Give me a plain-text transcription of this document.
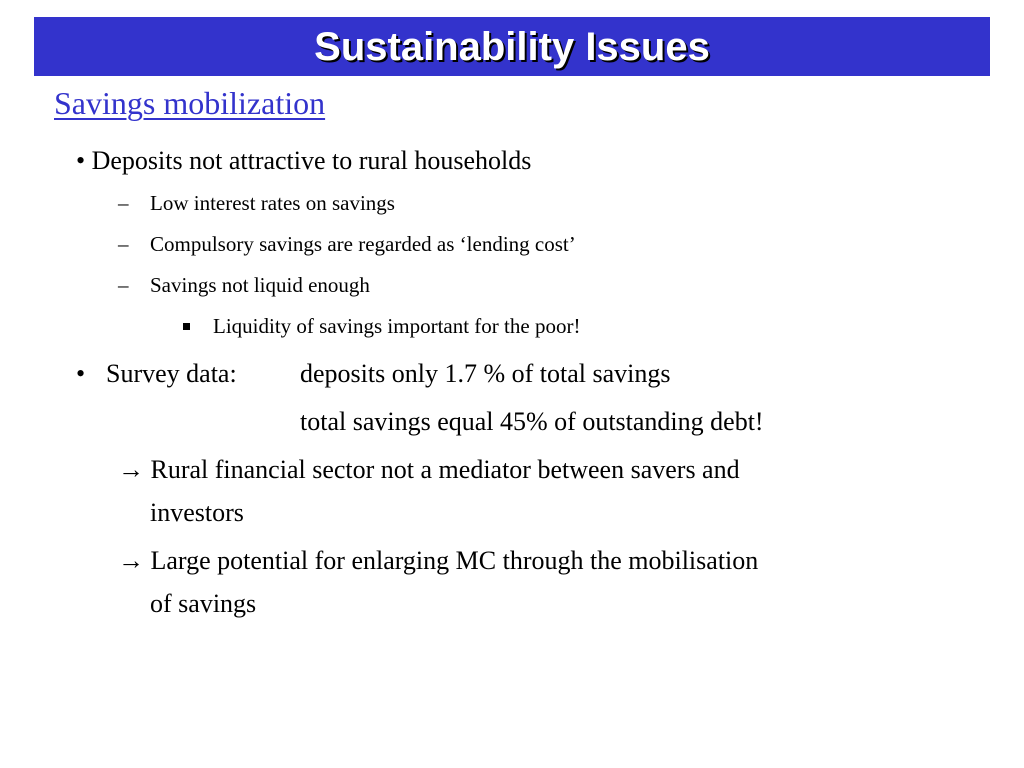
Sustainability Issues
Savings mobilization
• Deposits not attractive to rural households
– Low interest rates on savings
– Compulsory savings are regarded as ‘lending cost’
– Savings not liquid enough
Liquidity of savings important for the poor!
• Survey data: deposits only 1.7 % of total savings
total savings equal 45% of outstanding debt!
→ Rural financial sector not a mediator between savers and
investors
→ Large potential for enlarging MC through the mobilisation
of savings
